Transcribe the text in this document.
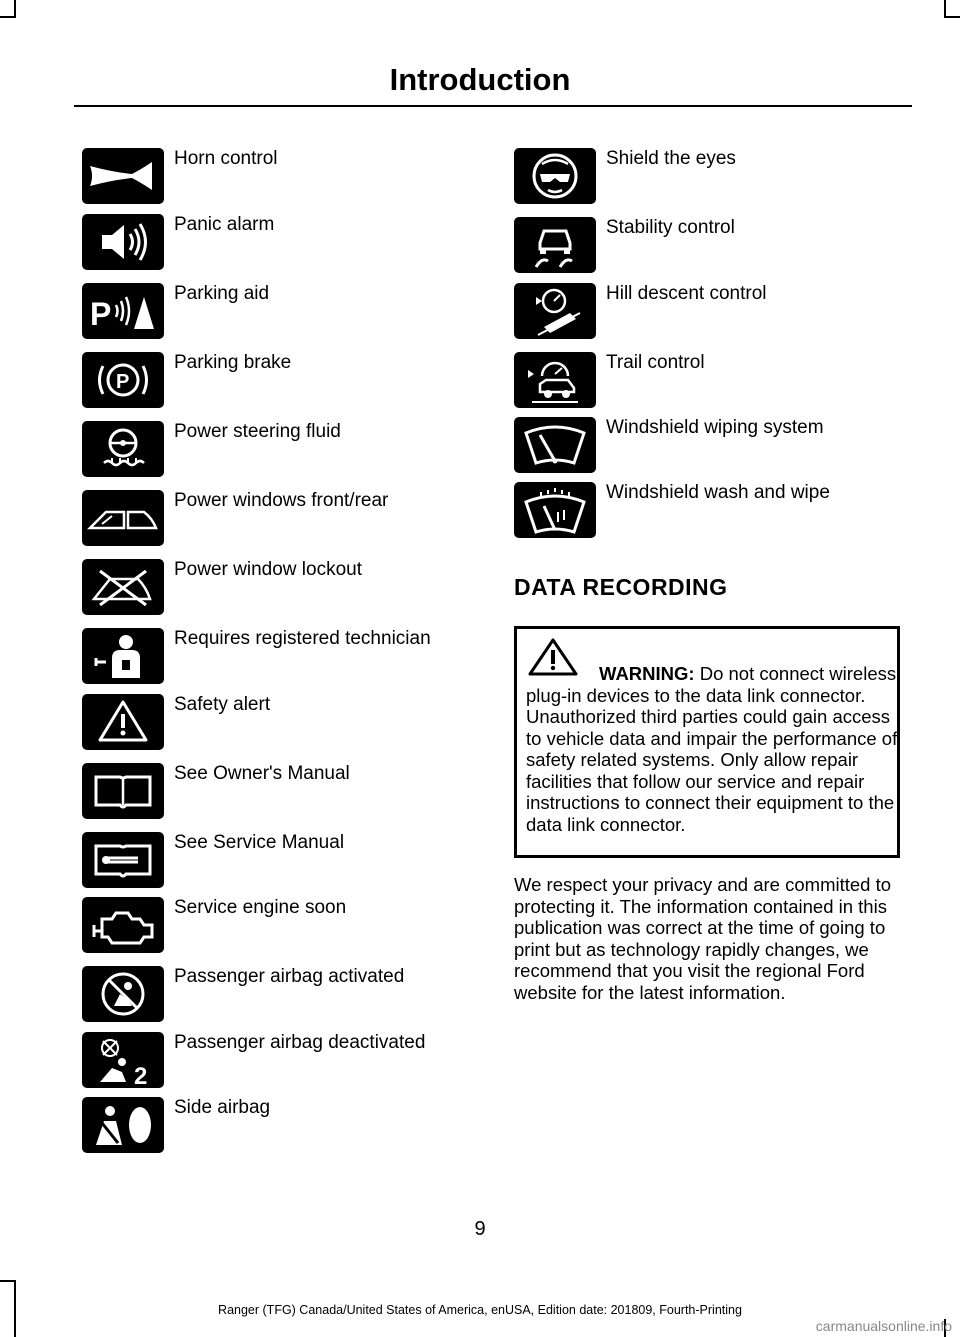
Introduction
Horn control
Panic alarm
P
Parking aid
P
Parking brake
Power steering fluid
Power windows front/rear
Power window lockout
Requires registered technician
Safety alert
See Owner's Manual
See Service Manual
Service engine soon
Passenger airbag activated
2
Passenger airbag deactivated
Side airbag
Shield the eyes
Stability control
Hill descent control
Trail control
Windshield wiping system
Windshield wash and wipe
DATA RECORDING

WARNING: Do not connect wireless plug-in devices to the data link connector. Unauthorized third parties could gain access to vehicle data and impair the performance of safety related systems. Only allow repair facilities that follow our service and repair instructions to connect their equipment to the data link connector.

We respect your privacy and are committed to protecting it. The information contained in this publication was correct at the time of going to print but as technology rapidly changes, we recommend that you visit the regional Ford website for the latest information.

9
Ranger (TFG) Canada/United States of America, enUSA, Edition date: 201809, Fourth-Printing
carmanualsonline.info
